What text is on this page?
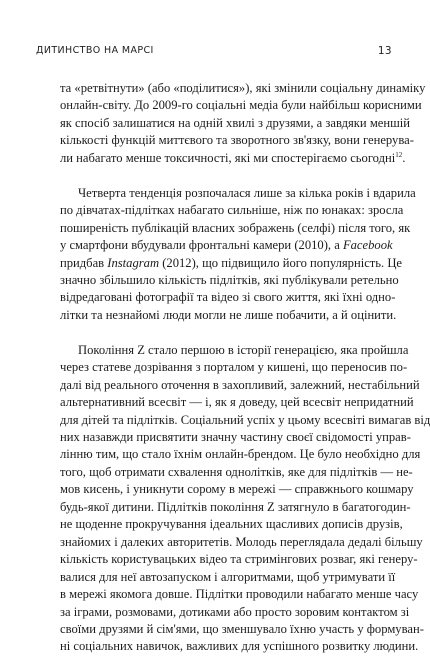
ДИТИНСТВО НА МАРСІ	13
та «ретвітнути» (або «поділитися»), які змінили соціальну динаміку
онлайн-світу. До 2009-го соціальні медіа були найбільш корисними
як спосіб залишатися на одній хвилі з друзями, а завдяки меншій
кількості функцій миттєвого та зворотного зв'язку, вони генерува-
ли набагато менше токсичності, які ми спостерігаємо сьогодні$^{12}$.
Четверта тенденція розпочалася лише за кілька років і вдарила
по дівчатах-підлітках набагато сильніше, ніж по юнаках: зросла
поширеність публікацій власних зображень (селфі) після того, як
у смартфони вбудували фронтальні камери (2010), а Facebook
придбав Instagram (2012), що підвищило його популярність. Це
значно збільшило кількість підлітків, які публікували ретельно
відредаговані фотографії та відео зі свого життя, які їхні одно-
літки та незнайомі люди могли не лише побачити, а й оцінити.
Покоління Z стало першою в історії генерацією, яка пройшла
через статеве дозрівання з порталом у кишені, що переносив по-
далі від реального оточення в захопливий, залежний, нестабільний
альтернативний всесвіт — і, як я доведу, цей всесвіт непридатний
для дітей та підлітків. Соціальний успіх у цьому всесвіті вимагав від
них назавжди присвятити значну частину своєї свідомості управ-
лінню тим, що стало їхнім онлайн-брендом. Це було необхідно для
того, щоб отримати схвалення однолітків, яке для підлітків — не-
мов кисень, і уникнути сорому в мережі — справжнього кошмару
будь-якої дитини. Підлітків покоління Z затягнуло в багатогодин-
не щоденне прокручування ідеальних щасливих дописів друзів,
знайомих і далеких авторитетів. Молодь переглядала дедалі більшу
кількість користувацьких відео та стримінгових розваг, які генеру-
валися для неї автозапуском і алгоритмами, щоб утримувати її
в мережі якомога довше. Підлітки проводили набагато менше часу
за іграми, розмовами, дотиками або просто зоровим контактом зі
своїми друзями й сім'ями, що зменшувало їхню участь у формуван-
ні соціальних навичок, важливих для успішного розвитку людини.
